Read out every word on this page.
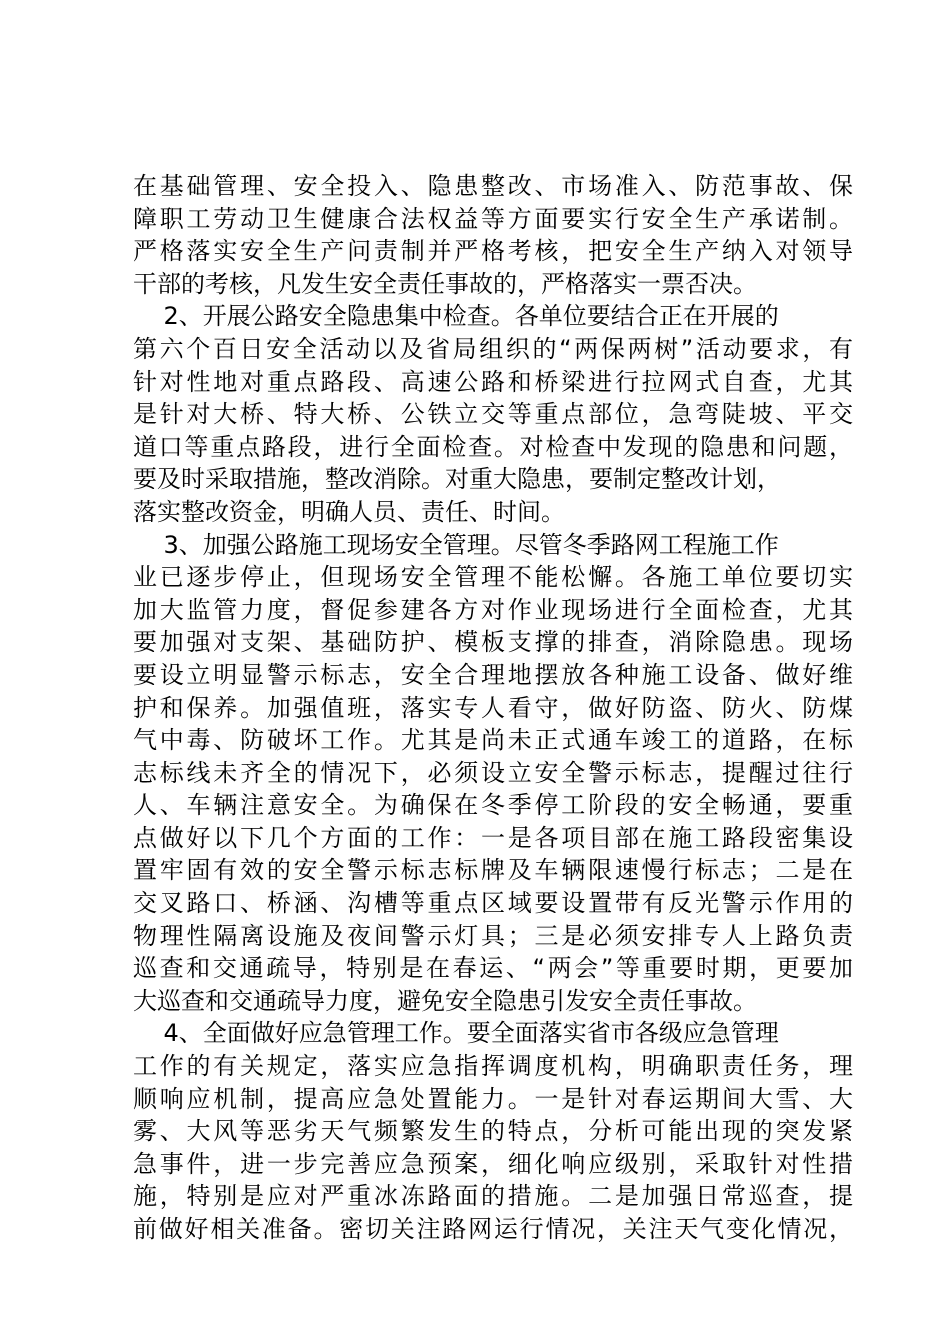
在基础管理、安全投入、隐患整改、市场准入、防范事故、保
障职工劳动卫生健康合法权益等方面要实行安全生产承诺制。
严格落实安全生产问责制并严格考核，把安全生产纳入对领导
干部的考核，凡发生安全责任事故的，严格落实一票否决。
2、开展公路安全隐患集中检查。各单位要结合正在开展的
第六个百日安全活动以及省局组织的“两保两树”活动要求，有
针对性地对重点路段、高速公路和桥梁进行拉网式自查，尤其
是针对大桥、特大桥、公铁立交等重点部位，急弯陡坡、平交
道口等重点路段，进行全面检查。对检查中发现的隐患和问题，
要及时采取措施，整改消除。对重大隐患，要制定整改计划，
落实整改资金，明确人员、责任、时间。
3、加强公路施工现场安全管理。尽管冬季路网工程施工作
业已逐步停止，但现场安全管理不能松懈。各施工单位要切实
加大监管力度，督促参建各方对作业现场进行全面检查，尤其
要加强对支架、基础防护、模板支撑的排查，消除隐患。现场
要设立明显警示标志，安全合理地摆放各种施工设备、做好维
护和保养。加强值班，落实专人看守，做好防盗、防火、防煤
气中毒、防破坏工作。尤其是尚未正式通车竣工的道路，在标
志标线未齐全的情况下，必须设立安全警示标志，提醒过往行
人、车辆注意安全。为确保在冬季停工阶段的安全畅通，要重
点做好以下几个方面的工作：一是各项目部在施工路段密集设
置牢固有效的安全警示标志标牌及车辆限速慢行标志；二是在
交叉路口、桥涵、沟槽等重点区域要设置带有反光警示作用的
物理性隔离设施及夜间警示灯具；三是必须安排专人上路负责
巡查和交通疏导，特别是在春运、“两会”等重要时期，更要加
大巡查和交通疏导力度，避免安全隐患引发安全责任事故。
4、全面做好应急管理工作。要全面落实省市各级应急管理
工作的有关规定，落实应急指挥调度机构，明确职责任务，理
顺响应机制，提高应急处置能力。一是针对春运期间大雪、大
雾、大风等恶劣天气频繁发生的特点，分析可能出现的突发紧
急事件，进一步完善应急预案，细化响应级别，采取针对性措
施，特别是应对严重冰冻路面的措施。二是加强日常巡查，提
前做好相关准备。密切关注路网运行情况，关注天气变化情况，
